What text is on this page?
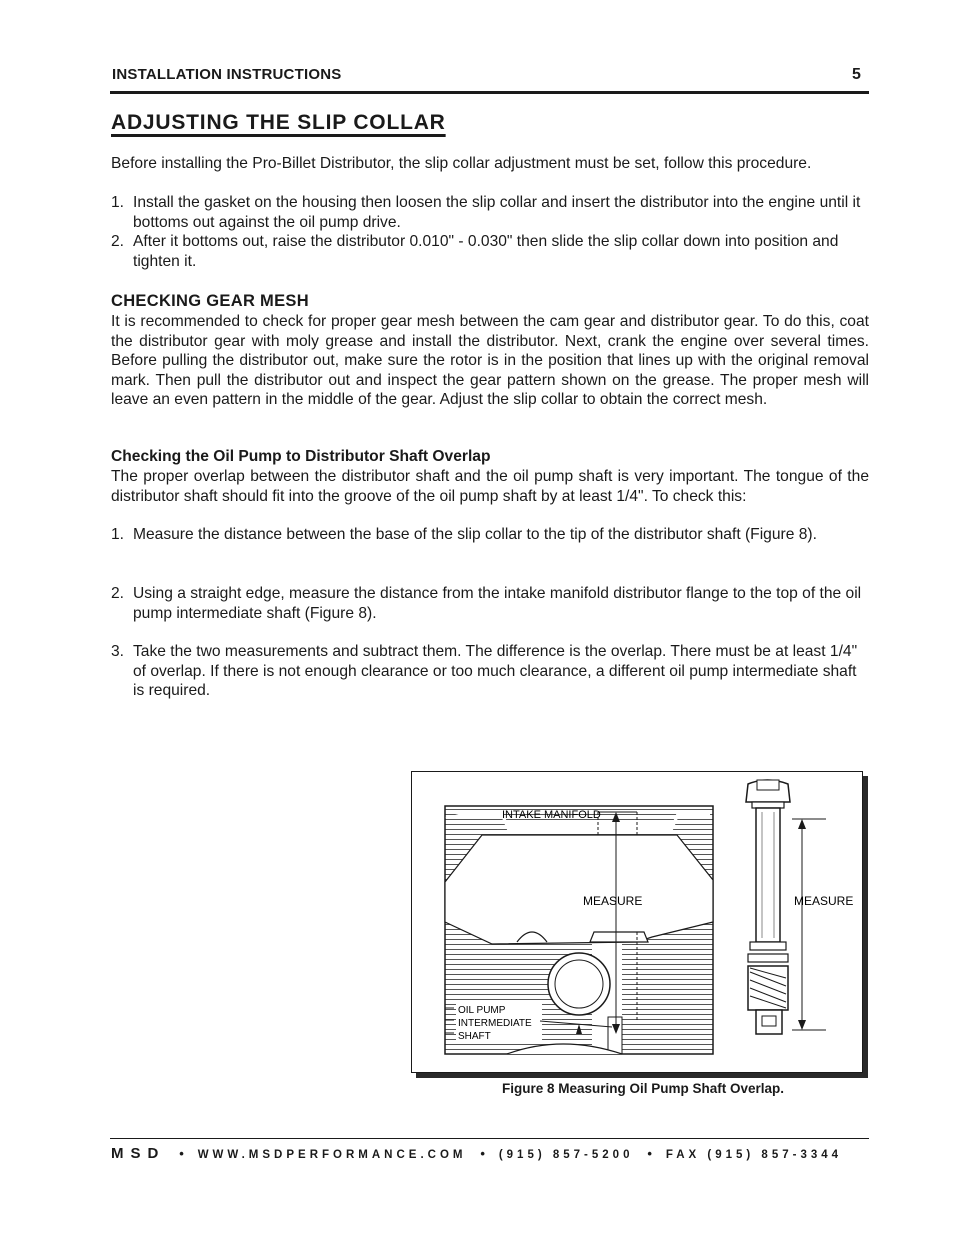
INSTALLATION INSTRUCTIONS	5
ADJUSTING THE SLIP COLLAR
Before installing the Pro-Billet Distributor, the slip collar adjustment must be set, follow this procedure.
1. Install the gasket on the housing then loosen the slip collar and insert the distributor into the engine until it bottoms out against the oil pump drive.
2. After it bottoms out, raise the distributor 0.010" - 0.030" then slide the slip collar down into position and tighten it.
CHECKING GEAR MESH
It is recommended to check for proper gear mesh between the cam gear and distributor gear. To do this, coat the distributor gear with moly grease and install the distributor. Next, crank the engine over several times. Before pulling the distributor out, make sure the rotor is in the position that lines up with the original removal mark. Then pull the distributor out and inspect the gear pattern shown on the grease. The proper mesh will leave an even pattern in the middle of the gear. Adjust the slip collar to obtain the correct mesh.
Checking the Oil Pump to Distributor Shaft Overlap
The proper overlap between the distributor shaft and the oil pump shaft is very important. The tongue of the distributor shaft should fit into the groove of the oil pump shaft by at least 1/4". To check this:
1. Measure the distance between the base of the slip collar to the tip of the distributor shaft (Figure 8).
2. Using a straight edge, measure the distance from the intake manifold distributor flange to the top of the oil pump intermediate shaft (Figure 8).
3. Take the two measurements and subtract them. The difference is the overlap. There must be at least 1/4" of overlap. If there is not enough clearance or too much clearance, a different oil pump intermediate shaft is required.
INTAKE MANIFOLD
MEASURE
OIL PUMP
INTERMEDIATE
SHAFT
MEASURE
Figure 8 Measuring Oil Pump Shaft Overlap.
MSD • WWW.MSDPERFORMANCE.COM • (915) 857-5200 • FAX (915) 857-3344
